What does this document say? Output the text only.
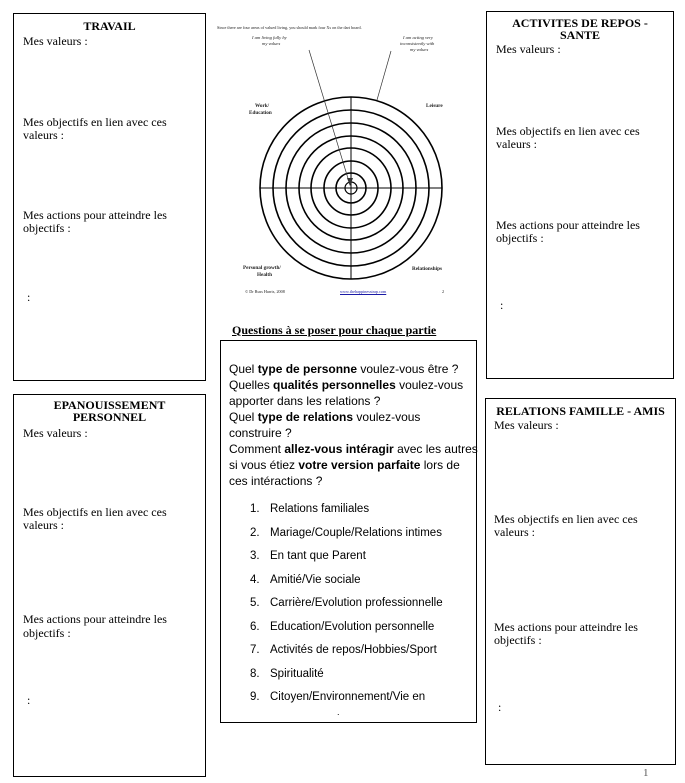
TRAVAIL
Mes valeurs :
Mes objectifs en lien avec ces
valeurs :
Mes actions pour atteindre les
objectifs :
:
ACTIVITES DE REPOS -
SANTE
Mes valeurs :
Mes objectifs en lien avec ces
valeurs :
Mes actions pour atteindre les
objectifs :
:
EPANOUISSEMENT
PERSONNEL
Mes valeurs :
Mes objectifs en lien avec ces
valeurs :
Mes actions pour atteindre les
objectifs :
:
RELATIONS FAMILLE - AMIS
Mes valeurs :
Mes objectifs en lien avec ces
valeurs :
Mes actions pour atteindre les
objectifs :
:
Since there are four areas of valued living, you should mark four Xs on the dart board.
I am living fully by
my values
I am acting very
inconsistently with
my values
Work/
Education
Leisure
Personal growth/
Health
Relationships
© Dr Russ Harris, 2008	www.thehappinesstrap.com	2
Questions à se poser pour chaque partie
Quel type de personne voulez-vous être ?
Quelles qualités personnelles voulez-vous
apporter dans les relations ?
Quel type de relations voulez-vous
construire ?
Comment allez-vous intéragir avec les autres
si vous étiez votre version parfaite lors de
ces intéractions ?
1. Relations familiales
2. Mariage/Couple/Relations intimes
3. En tant que Parent
4. Amitié/Vie sociale
5. Carrière/Evolution professionnelle
6. Education/Evolution personnelle
7. Activités de repos/Hobbies/Sport
8. Spiritualité
9. Citoyen/Environnement/Vie en
.
1
